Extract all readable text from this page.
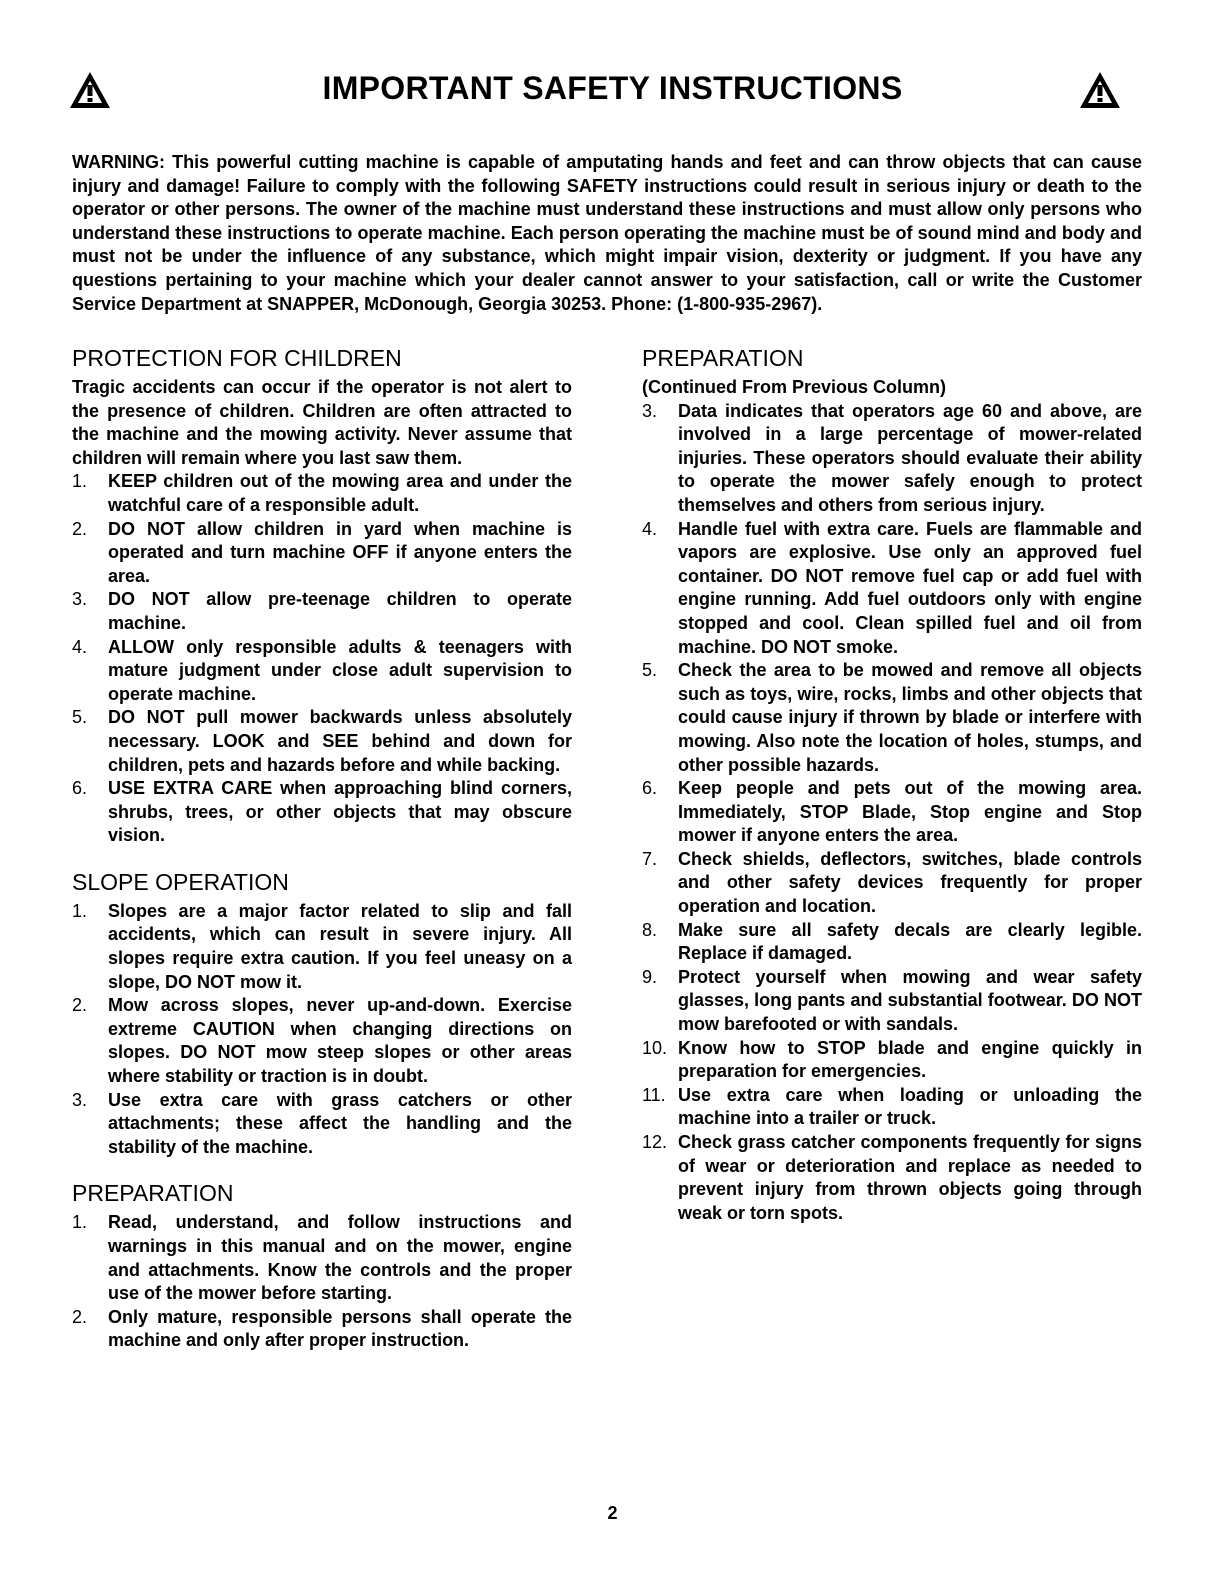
IMPORTANT SAFETY INSTRUCTIONS

WARNING: This powerful cutting machine is capable of amputating hands and feet and can throw objects that can cause injury and damage! Failure to comply with the following SAFETY instructions could result in serious injury or death to the operator or other persons. The owner of the machine must understand these instructions and must allow only persons who understand these instructions to operate machine. Each person operating the machine must be of sound mind and body and must not be under the influence of any substance, which might impair vision, dexterity or judgment. If you have any questions pertaining to your machine which your dealer cannot answer to your satisfaction, call or write the Customer Service Department at SNAPPER, McDonough, Georgia 30253. Phone: (1-800-935-2967).

PROTECTION FOR CHILDREN

Tragic accidents can occur if the operator is not alert to the presence of children. Children are often attracted to the machine and the mowing activity. Never assume that children will remain where you last saw them.

1. KEEP children out of the mowing area and under the watchful care of a responsible adult.
2. DO NOT allow children in yard when machine is operated and turn machine OFF if anyone enters the area.
3. DO NOT allow pre-teenage children to operate machine.
4. ALLOW only responsible adults & teenagers with mature judgment under close adult supervision to operate machine.
5. DO NOT pull mower backwards unless absolutely necessary. LOOK and SEE behind and down for children, pets and hazards before and while backing.
6. USE EXTRA CARE when approaching blind corners, shrubs, trees, or other objects that may obscure vision.
SLOPE OPERATION
1. Slopes are a major factor related to slip and fall accidents, which can result in severe injury. All slopes require extra caution. If you feel uneasy on a slope, DO NOT mow it.
2. Mow across slopes, never up-and-down. Exercise extreme CAUTION when changing directions on slopes. DO NOT mow steep slopes or other areas where stability or traction is in doubt.
3. Use extra care with grass catchers or other attachments; these affect the handling and the stability of the machine.
PREPARATION
1. Read, understand, and follow instructions and warnings in this manual and on the mower, engine and attachments. Know the controls and the proper use of the mower before starting.
2. Only mature, responsible persons shall operate the machine and only after proper instruction.
PREPARATION

(Continued From Previous Column)

3. Data indicates that operators age 60 and above, are involved in a large percentage of mower-related injuries. These operators should evaluate their ability to operate the mower safely enough to protect themselves and others from serious injury.
4. Handle fuel with extra care. Fuels are flammable and vapors are explosive. Use only an approved fuel container. DO NOT remove fuel cap or add fuel with engine running. Add fuel outdoors only with engine stopped and cool. Clean spilled fuel and oil from machine. DO NOT smoke.
5. Check the area to be mowed and remove all objects such as toys, wire, rocks, limbs and other objects that could cause injury if thrown by blade or interfere with mowing. Also note the location of holes, stumps, and other possible hazards.
6. Keep people and pets out of the mowing area. Immediately, STOP Blade, Stop engine and Stop mower if anyone enters the area.
7. Check shields, deflectors, switches, blade controls and other safety devices frequently for proper operation and location.
8. Make sure all safety decals are clearly legible. Replace if damaged.
9. Protect yourself when mowing and wear safety glasses, long pants and substantial footwear. DO NOT mow barefooted or with sandals.
10. Know how to STOP blade and engine quickly in preparation for emergencies.
11. Use extra care when loading or unloading the machine into a trailer or truck.
12. Check grass catcher components frequently for signs of wear or deterioration and replace as needed to prevent injury from thrown objects going through weak or torn spots.
2
